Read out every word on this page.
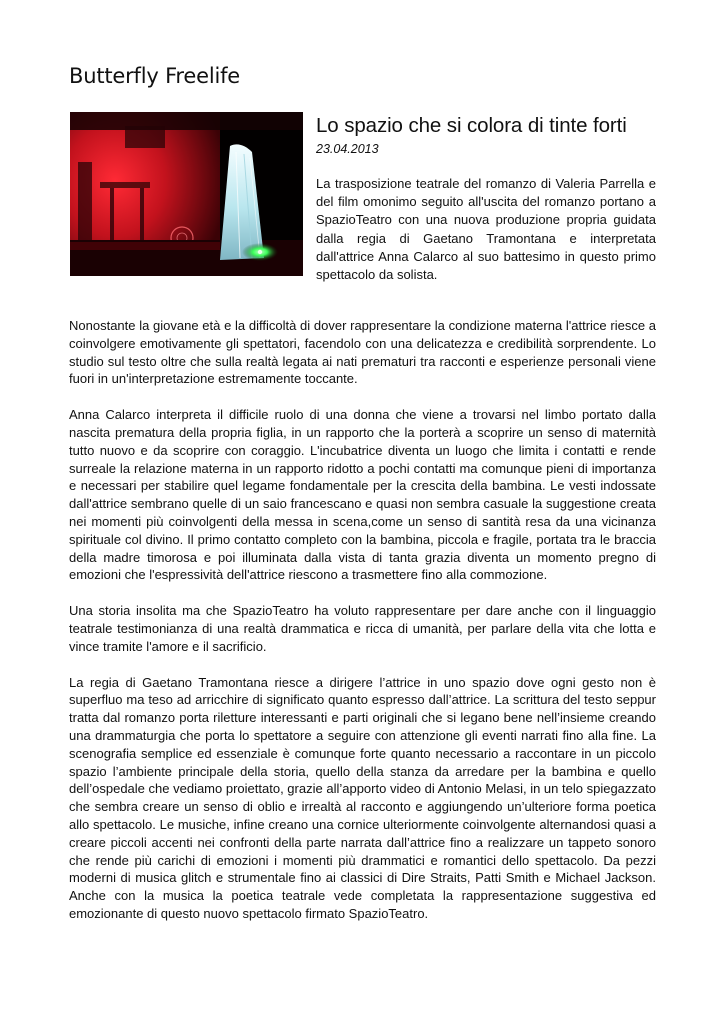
Butterfly Freelife
Lo spazio che si colora di tinte forti

23.04.2013

La trasposizione teatrale del romanzo di Valeria Parrella e del film omonimo seguito all'uscita del romanzo portano a SpazioTeatro con una nuova produzione propria guidata dalla regia di Gaetano Tramontana e interpretata dall'attrice Anna Calarco al suo battesimo in questo primo spettacolo da solista.

Nonostante la giovane età e la difficoltà di dover rappresentare la condizione materna l'attrice riesce a coinvolgere emotivamente gli spettatori, facendolo con una delicatezza e credibilità sorprendente. Lo studio sul testo oltre che sulla realtà legata ai nati prematuri tra racconti e esperienze personali viene fuori in un'interpretazione estremamente toccante.

Anna Calarco interpreta il difficile ruolo di una donna che viene a trovarsi nel limbo portato dalla nascita prematura della propria figlia, in un rapporto che la porterà a scoprire un senso di maternità tutto nuovo e da scoprire con coraggio. L'incubatrice diventa un luogo che limita i contatti e rende surreale la relazione materna in un rapporto ridotto a pochi contatti ma comunque pieni di importanza e necessari per stabilire quel legame fondamentale per la crescita della bambina. Le vesti indossate dall'attrice sembrano quelle di un saio francescano e quasi non sembra casuale la suggestione creata nei momenti più coinvolgenti della messa in scena,come un senso di santità resa da una vicinanza spirituale col divino. Il primo contatto completo con la bambina, piccola e fragile, portata tra le braccia della madre timorosa e poi illuminata dalla vista di tanta grazia diventa un momento pregno di emozioni che l'espressività dell'attrice riescono a trasmettere fino alla commozione.

Una storia insolita ma che SpazioTeatro ha voluto rappresentare per dare anche con il linguaggio teatrale testimonianza di una realtà drammatica e ricca di umanità, per parlare della vita che lotta e vince tramite l'amore e il sacrificio.

La regia di Gaetano Tramontana riesce a dirigere l’attrice in uno spazio dove ogni gesto non è superfluo ma teso ad arricchire di significato quanto espresso dall’attrice. La scrittura del testo seppur tratta dal romanzo porta riletture interessanti e parti originali che si legano bene nell’insieme creando una drammaturgia che porta lo spettatore a seguire con attenzione gli eventi narrati fino alla fine. La scenografia semplice ed essenziale è comunque forte quanto necessario a raccontare in un piccolo spazio l’ambiente principale della storia, quello della stanza da arredare per la bambina e quello dell’ospedale che vediamo proiettato, grazie all’apporto video di Antonio Melasi, in un telo spiegazzato che sembra creare un senso di oblio e irrealtà al racconto e aggiungendo un’ulteriore forma poetica allo spettacolo. Le musiche, infine creano una cornice ulteriormente coinvolgente alternandosi quasi a creare piccoli accenti nei confronti della parte narrata dall’attrice fino a realizzare un tappeto sonoro che rende più carichi di emozioni i momenti più drammatici e romantici dello spettacolo. Da pezzi moderni di musica glitch e strumentale fino ai classici di Dire Straits, Patti Smith e Michael Jackson. Anche con la musica la poetica teatrale vede completata la rappresentazione suggestiva ed emozionante di questo nuovo spettacolo firmato SpazioTeatro.
